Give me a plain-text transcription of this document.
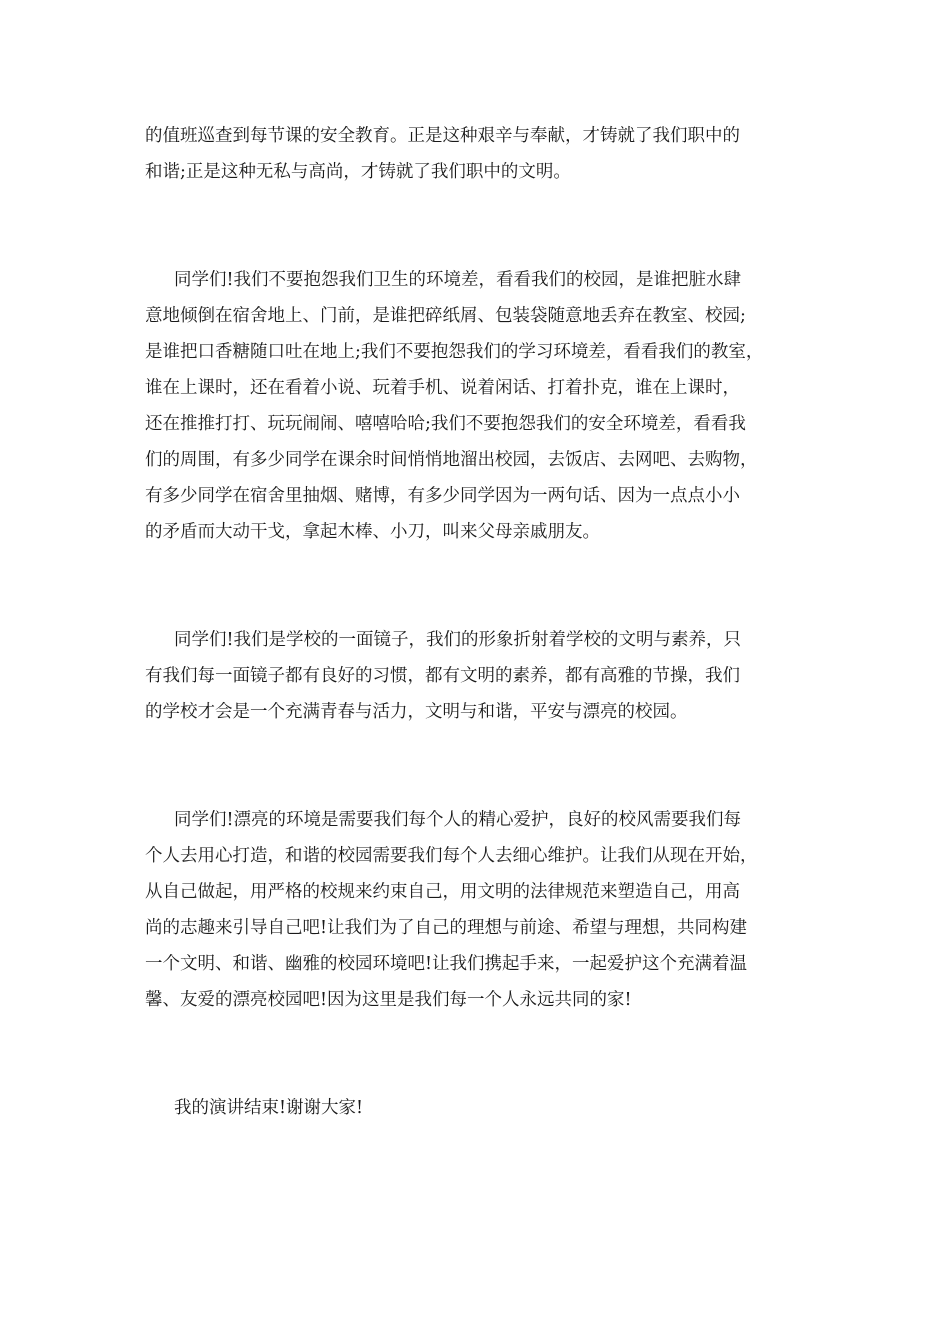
的值班巡查到每节课的安全教育。正是这种艰辛与奉献，才铸就了我们职中的
和谐;正是这种无私与高尚，才铸就了我们职中的文明。

同学们!我们不要抱怨我们卫生的环境差，看看我们的校园，是谁把脏水肆
意地倾倒在宿舍地上、门前，是谁把碎纸屑、包装袋随意地丢弃在教室、校园;
是谁把口香糖随口吐在地上;我们不要抱怨我们的学习环境差，看看我们的教室，
谁在上课时，还在看着小说、玩着手机、说着闲话、打着扑克，谁在上课时，
还在推推打打、玩玩闹闹、嘻嘻哈哈;我们不要抱怨我们的安全环境差，看看我
们的周围，有多少同学在课余时间悄悄地溜出校园，去饭店、去网吧、去购物，
有多少同学在宿舍里抽烟、赌博，有多少同学因为一两句话、因为一点点小小
的矛盾而大动干戈，拿起木棒、小刀，叫来父母亲戚朋友。

同学们!我们是学校的一面镜子，我们的形象折射着学校的文明与素养，只
有我们每一面镜子都有良好的习惯，都有文明的素养，都有高雅的节操，我们
的学校才会是一个充满青春与活力，文明与和谐，平安与漂亮的校园。

同学们!漂亮的环境是需要我们每个人的精心爱护，良好的校风需要我们每
个人去用心打造，和谐的校园需要我们每个人去细心维护。让我们从现在开始，
从自己做起，用严格的校规来约束自己，用文明的法律规范来塑造自己，用高
尚的志趣来引导自己吧!让我们为了自己的理想与前途、希望与理想，共同构建
一个文明、和谐、幽雅的校园环境吧!让我们携起手来，一起爱护这个充满着温
馨、友爱的漂亮校园吧!因为这里是我们每一个人永远共同的家!

我的演讲结束!谢谢大家!
